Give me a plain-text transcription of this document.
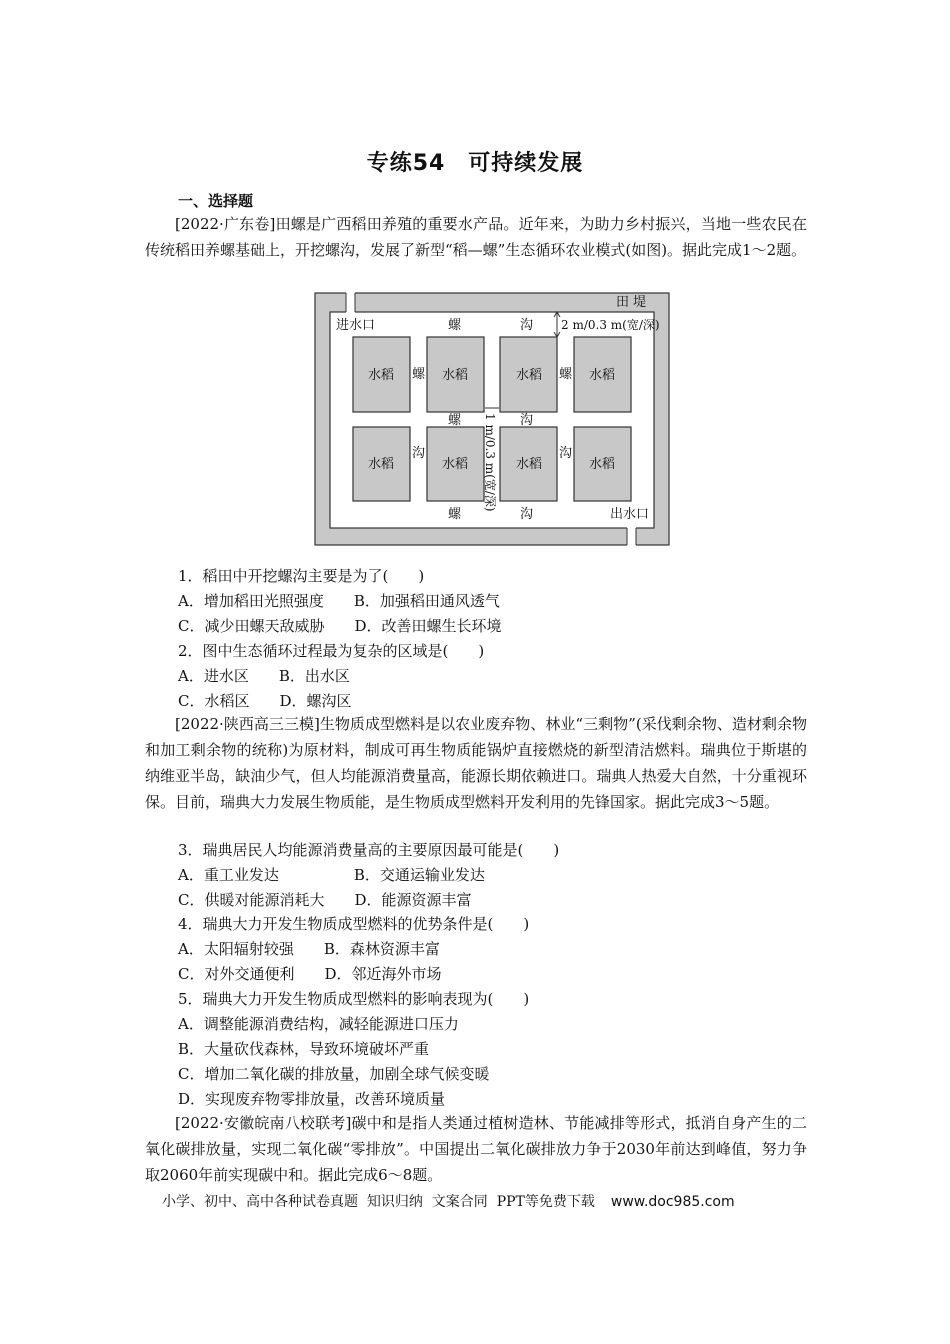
专练54　可持续发展
一、选择题
[2022·广东卷]田螺是广西稻田养殖的重要水产品。近年来，为助力乡村振兴，当地一些农民在传统稻田养螺基础上，开挖螺沟，发展了新型“稻—螺”生态循环农业模式(如图)。据此完成1～2题。
水稻	水稻	水稻	水稻
水稻	水稻	水稻	水稻
田 堤
进水口
出水口
螺	沟
螺	螺
螺	沟
沟	沟
螺	沟
2 m/0.3 m(宽/深)
1 m/0.3 m(宽/深)
1．稻田中开挖螺沟主要是为了(　　)
A．增加稻田光照强度　　B．加强稻田通风透气
C．减少田螺天敌威胁　　D．改善田螺生长环境
2．图中生态循环过程最为复杂的区域是(　　)
A．进水区　　B．出水区
C．水稻区　　D．螺沟区
[2022·陕西高三三模]生物质成型燃料是以农业废弃物、林业“三剩物”(采伐剩余物、造材剩余物和加工剩余物的统称)为原材料，制成可再生物质能锅炉直接燃烧的新型清洁燃料。瑞典位于斯堪的纳维亚半岛，缺油少气，但人均能源消费量高，能源长期依赖进口。瑞典人热爱大自然，十分重视环保。目前，瑞典大力发展生物质能，是生物质成型燃料开发利用的先锋国家。据此完成3～5题。
3．瑞典居民人均能源消费量高的主要原因最可能是(　　)
A．重工业发达　　　　　B．交通运输业发达
C．供暖对能源消耗大　　D．能源资源丰富
4．瑞典大力开发生物质成型燃料的优势条件是(　　)
A．太阳辐射较强　　B．森林资源丰富
C．对外交通便利　　D．邻近海外市场
5．瑞典大力开发生物质成型燃料的影响表现为(　　)
A．调整能源消费结构，减轻能源进口压力
B．大量砍伐森林，导致环境破坏严重
C．增加二氧化碳的排放量，加剧全球气候变暖
D．实现废弃物零排放量，改善环境质量
[2022·安徽皖南八校联考]碳中和是指人类通过植树造林、节能减排等形式，抵消自身产生的二氧化碳排放量，实现二氧化碳“零排放”。中国提出二氧化碳排放力争于2030年前达到峰值，努力争取2060年前实现碳中和。据此完成6～8题。
小学、初中、高中各种试卷真题  知识归纳  文案合同  PPT等免费下载 www.doc985.com
